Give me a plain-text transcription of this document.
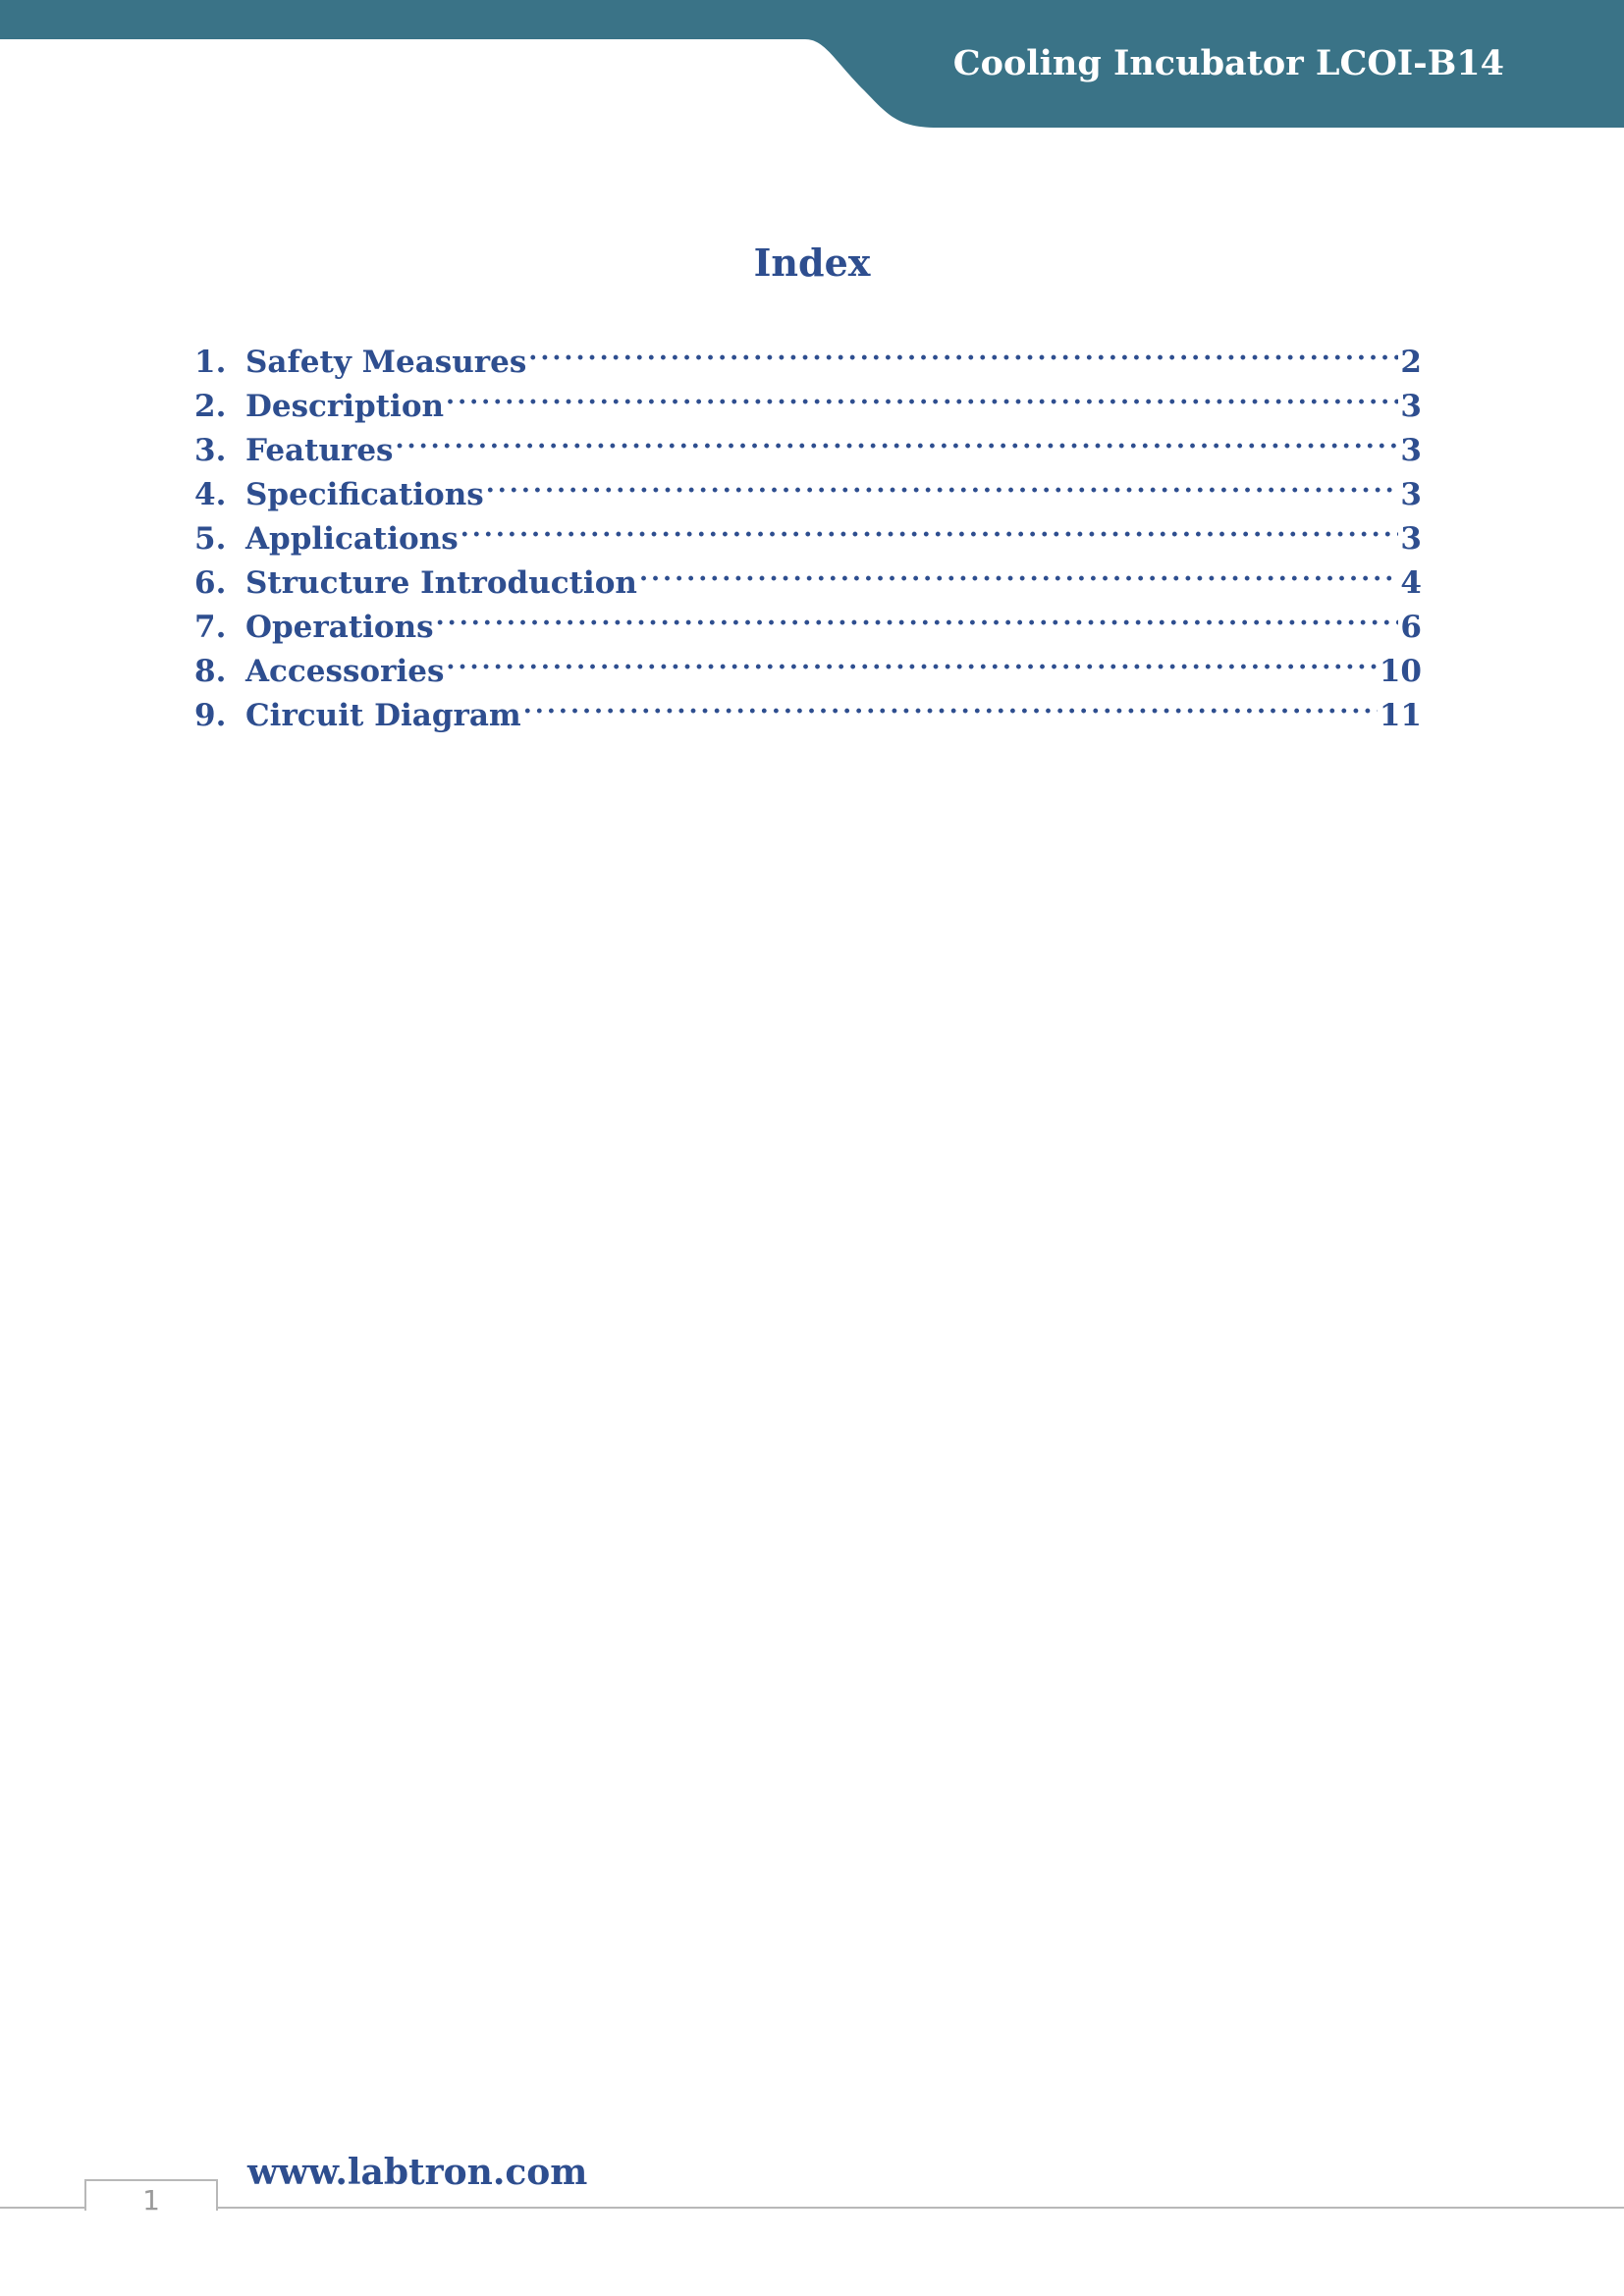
Cooling Incubator LCOI-B14
Index
1. Safety Measures .....	2
2. Description .....	3
3. Features .....	3
4. Specifications .....	3
5. Applications .....	3
6. Structure Introduction .....	4
7. Operations .....	6
8. Accessories .....	10
9. Circuit Diagram .....	11
1
www.labtron.com
